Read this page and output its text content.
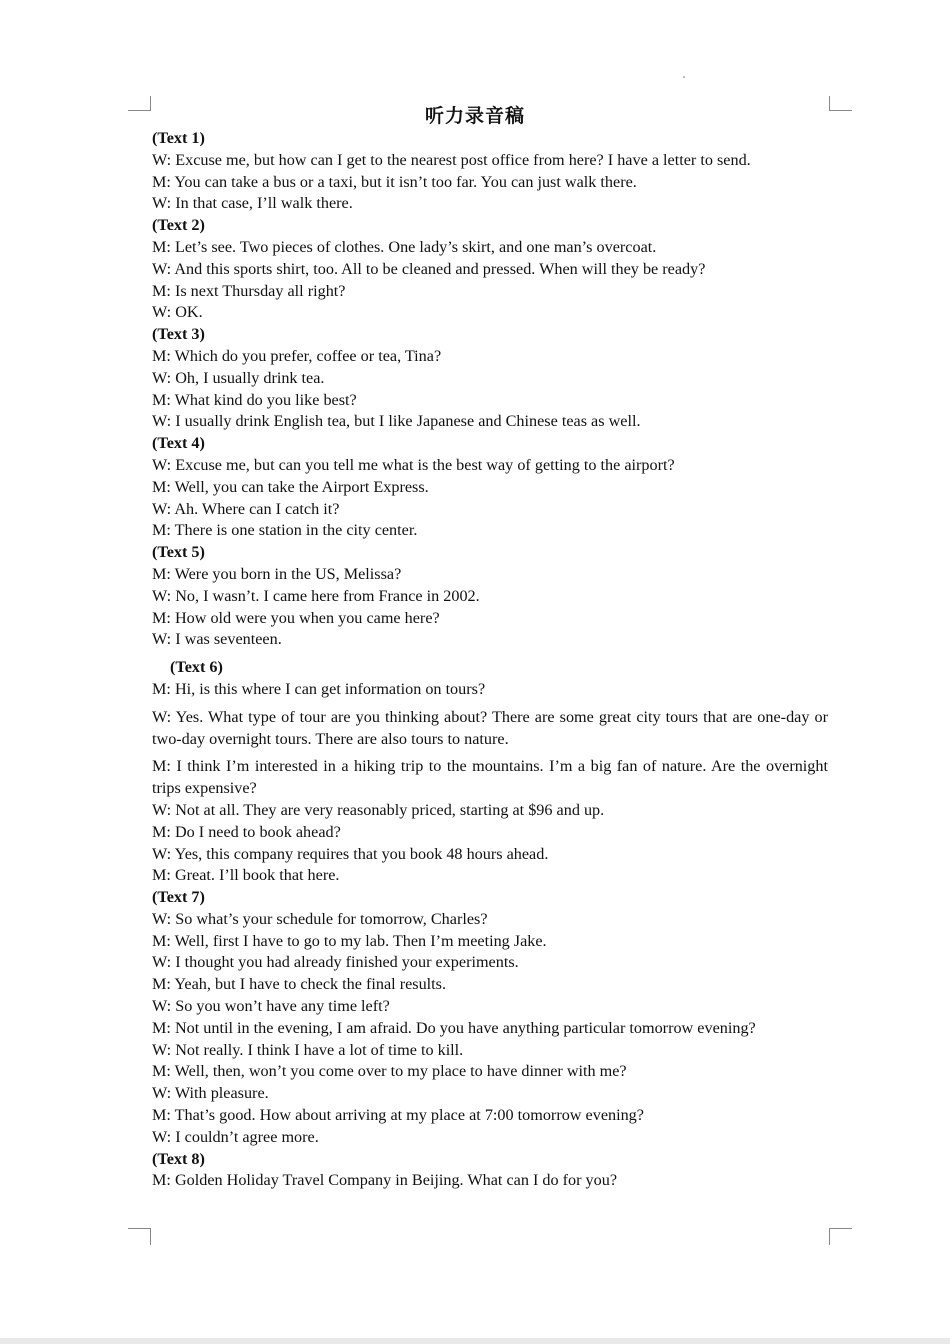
听力录音稿
(Text 1)
W: Excuse me, but how can I get to the nearest post office from here? I have a letter to send.
M: You can take a bus or a taxi, but it isn’t too far. You can just walk there.
W: In that case, I’ll walk there.
(Text 2)
M: Let’s see. Two pieces of clothes. One lady’s skirt, and one man’s overcoat.
W: And this sports shirt, too. All to be cleaned and pressed. When will they be ready?
M: Is next Thursday all right?
W: OK.
(Text 3)
M: Which do you prefer, coffee or tea, Tina?
W: Oh, I usually drink tea.
M: What kind do you like best?
W: I usually drink English tea, but I like Japanese and Chinese teas as well.
(Text 4)
W: Excuse me, but can you tell me what is the best way of getting to the airport?
M: Well, you can take the Airport Express.
W: Ah. Where can I catch it?
M: There is one station in the city center.
(Text 5)
M: Were you born in the US, Melissa?
W: No, I wasn’t. I came here from France in 2002.
M: How old were you when you came here?
W: I was seventeen.
(Text 6)
M: Hi, is this where I can get information on tours?
W: Yes. What type of tour are you thinking about? There are some great city tours that are one-day or two-day overnight tours. There are also tours to nature.
M: I think I’m interested in a hiking trip to the mountains. I’m a big fan of nature. Are the overnight trips expensive?
W: Not at all. They are very reasonably priced, starting at $96 and up.
M: Do I need to book ahead?
W: Yes, this company requires that you book 48 hours ahead.
M: Great. I’ll book that here.
(Text 7)
W: So what’s your schedule for tomorrow, Charles?
M: Well, first I have to go to my lab. Then I’m meeting Jake.
W: I thought you had already finished your experiments.
M: Yeah, but I have to check the final results.
W: So you won’t have any time left?
M: Not until in the evening, I am afraid. Do you have anything particular tomorrow evening?
W: Not really. I think I have a lot of time to kill.
M: Well, then, won’t you come over to my place to have dinner with me?
W: With pleasure.
M: That’s good. How about arriving at my place at 7:00 tomorrow evening?
W: I couldn’t agree more.
(Text 8)
M: Golden Holiday Travel Company in Beijing. What can I do for you?
